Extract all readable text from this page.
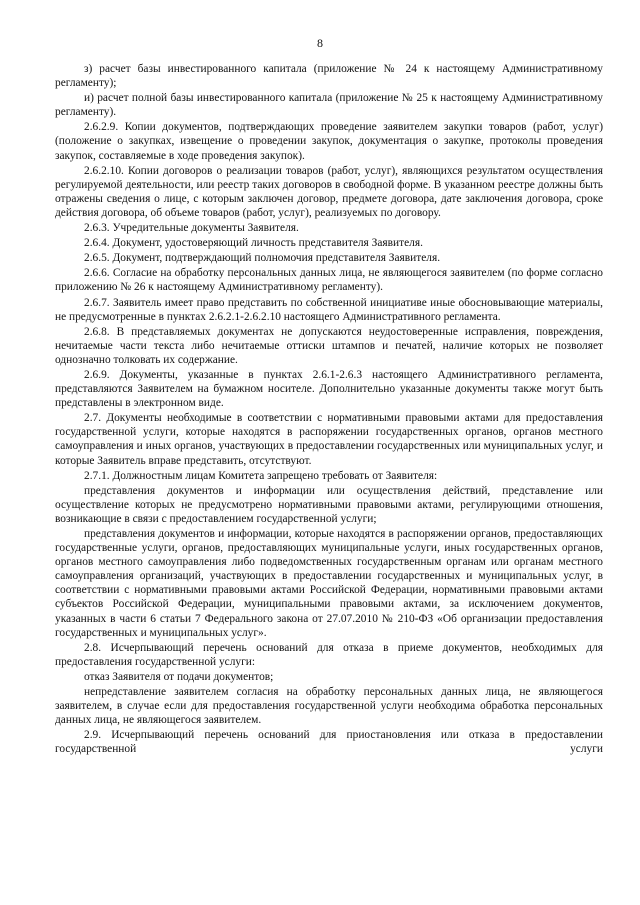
8

з) расчет базы инвестированного капитала (приложение № 24 к настоящему Административному регламенту);

и) расчет полной базы инвестированного капитала (приложение № 25 к настоящему Административному регламенту).

2.6.2.9. Копии документов, подтверждающих проведение заявителем закупки товаров (работ, услуг) (положение о закупках, извещение о проведении закупок, документация о закупке, протоколы проведения закупок, составляемые в ходе проведения закупок).

2.6.2.10. Копии договоров о реализации товаров (работ, услуг), являющихся результатом осуществления регулируемой деятельности, или реестр таких договоров в свободной форме. В указанном реестре должны быть отражены сведения о лице, с которым заключен договор, предмете договора, дате заключения договора, сроке действия договора, об объеме товаров (работ, услуг), реализуемых по договору.

2.6.3. Учредительные документы Заявителя.

2.6.4. Документ, удостоверяющий личность представителя Заявителя.

2.6.5. Документ, подтверждающий полномочия представителя Заявителя.

2.6.6. Согласие на обработку персональных данных лица, не являющегося заявителем (по форме согласно приложению № 26 к настоящему Административному регламенту).

2.6.7. Заявитель имеет право представить по собственной инициативе иные обосновывающие материалы, не предусмотренные в пунктах 2.6.2.1-2.6.2.10 настоящего Административного регламента.

2.6.8. В представляемых документах не допускаются неудостоверенные исправления, повреждения, нечитаемые части текста либо нечитаемые оттиски штампов и печатей, наличие которых не позволяет однозначно толковать их содержание.

2.6.9. Документы, указанные в пунктах 2.6.1-2.6.3 настоящего Административного регламента, представляются Заявителем на бумажном носителе. Дополнительно указанные документы также могут быть представлены в электронном виде.

2.7. Документы необходимые в соответствии с нормативными правовыми актами для предоставления государственной услуги, которые находятся в распоряжении государственных органов, органов местного самоуправления и иных органов, участвующих в предоставлении государственных или муниципальных услуг, и которые Заявитель вправе представить, отсутствуют.

2.7.1. Должностным лицам Комитета запрещено требовать от Заявителя:

представления документов и информации или осуществления действий, представление или осуществление которых не предусмотрено нормативными правовыми актами, регулирующими отношения, возникающие в связи с предоставлением государственной услуги;

представления документов и информации, которые находятся в распоряжении органов, предоставляющих государственные услуги, органов, предоставляющих муниципальные услуги, иных государственных органов, органов местного самоуправления либо подведомственных государственным органам или органам местного самоуправления организаций, участвующих в предоставлении государственных и муниципальных услуг, в соответствии с нормативными правовыми актами Российской Федерации, нормативными правовыми актами субъектов Российской Федерации, муниципальными правовыми актами, за исключением документов, указанных в части 6 статьи 7 Федерального закона от 27.07.2010 № 210-ФЗ «Об организации предоставления государственных и муниципальных услуг».

2.8. Исчерпывающий перечень оснований для отказа в приеме документов, необходимых для предоставления государственной услуги:

отказ Заявителя от подачи документов;

непредставление заявителем согласия на обработку персональных данных лица, не являющегося заявителем, в случае если для предоставления государственной услуги необходима обработка персональных данных лица, не являющегося заявителем.

2.9. Исчерпывающий перечень оснований для приостановления или отказа в предоставлении государственной услуги
